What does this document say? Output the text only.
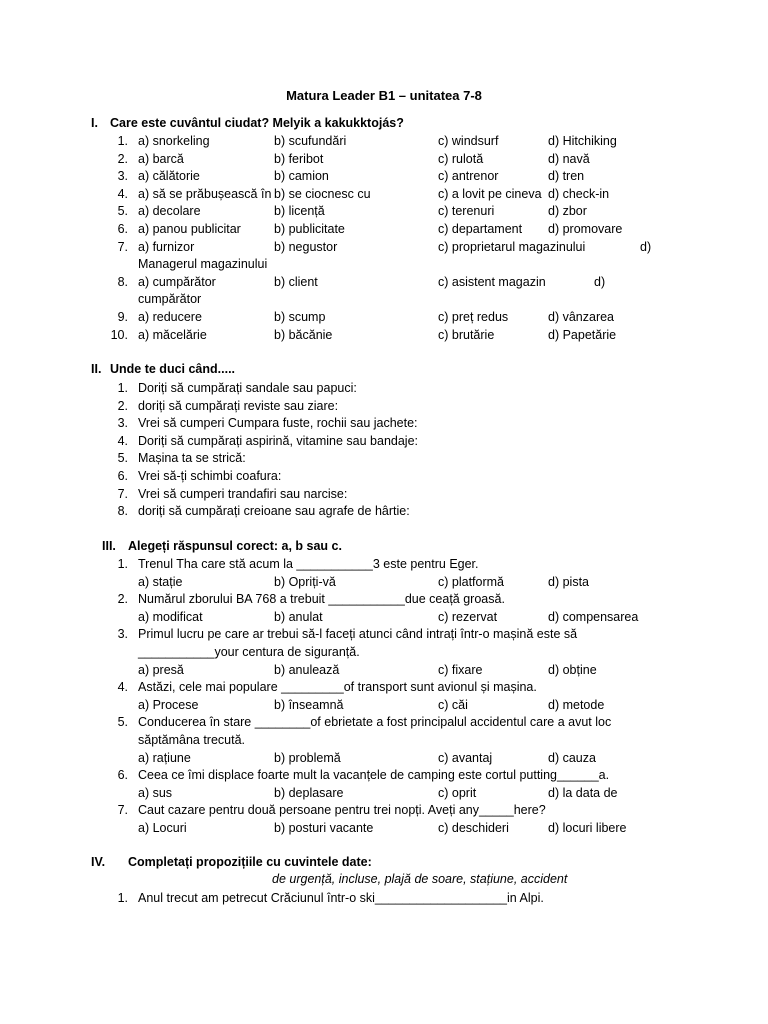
Matura Leader B1 – unitatea 7-8
I. Care este cuvântul ciudat? Melyik a kakukktojás?
II. Unde te duci când.....
III. Alegeți răspunsul corect: a, b sau c.
IV. Completați propozițiile cu cuvintele date:
de urgență, incluse, plajă de soare, stațiune, accident
1. a) snorkeling	b) scufundări	c) windsurf	d) Hitchiking
2. a) barcă	b) feribot	c) rulotă	d) navă
3. a) călătorie	b) camion	c) antrenor	d) tren
4. a) să se prăbușească în b) se ciocnesc cu	c) a lovit pe cineva d) check-in
5. a) decolare	b) licență	c) terenuri	d) zbor
6. a) panou publicitar	b) publicitate	c) departament d) promovare
7. a) furnizor	b) negustor	c) proprietarul magazinului	d)
Managerul magazinului
8. a) cumpărător	b) client	c) asistent magazin	d)
cumpărător
9. a) reducere	b) scump	c) preț redus	d) vânzarea
10. a) măcelărie	b) băcănie	c) brutărie	d) Papetărie
1. Doriți să cumpărați sandale sau papuci:
2. doriți să cumpărați reviste sau ziare:
3. Vrei să cumperi Cumpara fuste, rochii sau jachete:
4. Doriți să cumpărați aspirină, vitamine sau bandaje:
5. Mașina ta se strică:
6. Vrei să-ți schimbi coafura:
7. Vrei să cumperi trandafiri sau narcise:
8. doriți să cumpărați creioane sau agrafe de hârtie:
1. Trenul Tha care stă acum la ___________3 este pentru Eger.
a) stație	b) Opriți-vă	c) platformă	d) pista
2. Numărul zborului BA 768 a trebuit ___________due ceață groasă.
a) modificat	b) anulat	c) rezervat	d) compensarea
3. Primul lucru pe care ar trebui să-l faceți atunci când intrați într-o mașină este să
___________your centura de siguranță.
a) presă	b) anulează	c) fixare	d) obține
4. Astăzi, cele mai populare _________of transport sunt avionul și mașina.
a) Procese	b) înseamnă	c) căi	d) metode
5. Conducerea în stare ________of ebrietate a fost principalul accidentul care a avut loc
săptămâna trecută.
a) rațiune	b) problemă	c) avantaj	d) cauza
6. Ceea ce îmi displace foarte mult la vacanțele de camping este cortul putting______a.
a) sus	b) deplasare	c) oprit	d) la data de
7. Caut cazare pentru două persoane pentru trei nopți. Aveți any_____here?
a) Locuri	b) posturi vacante	c) deschideri	d) locuri libere
1. Anul trecut am petrecut Crăciunul într-o ski___________________in Alpi.
